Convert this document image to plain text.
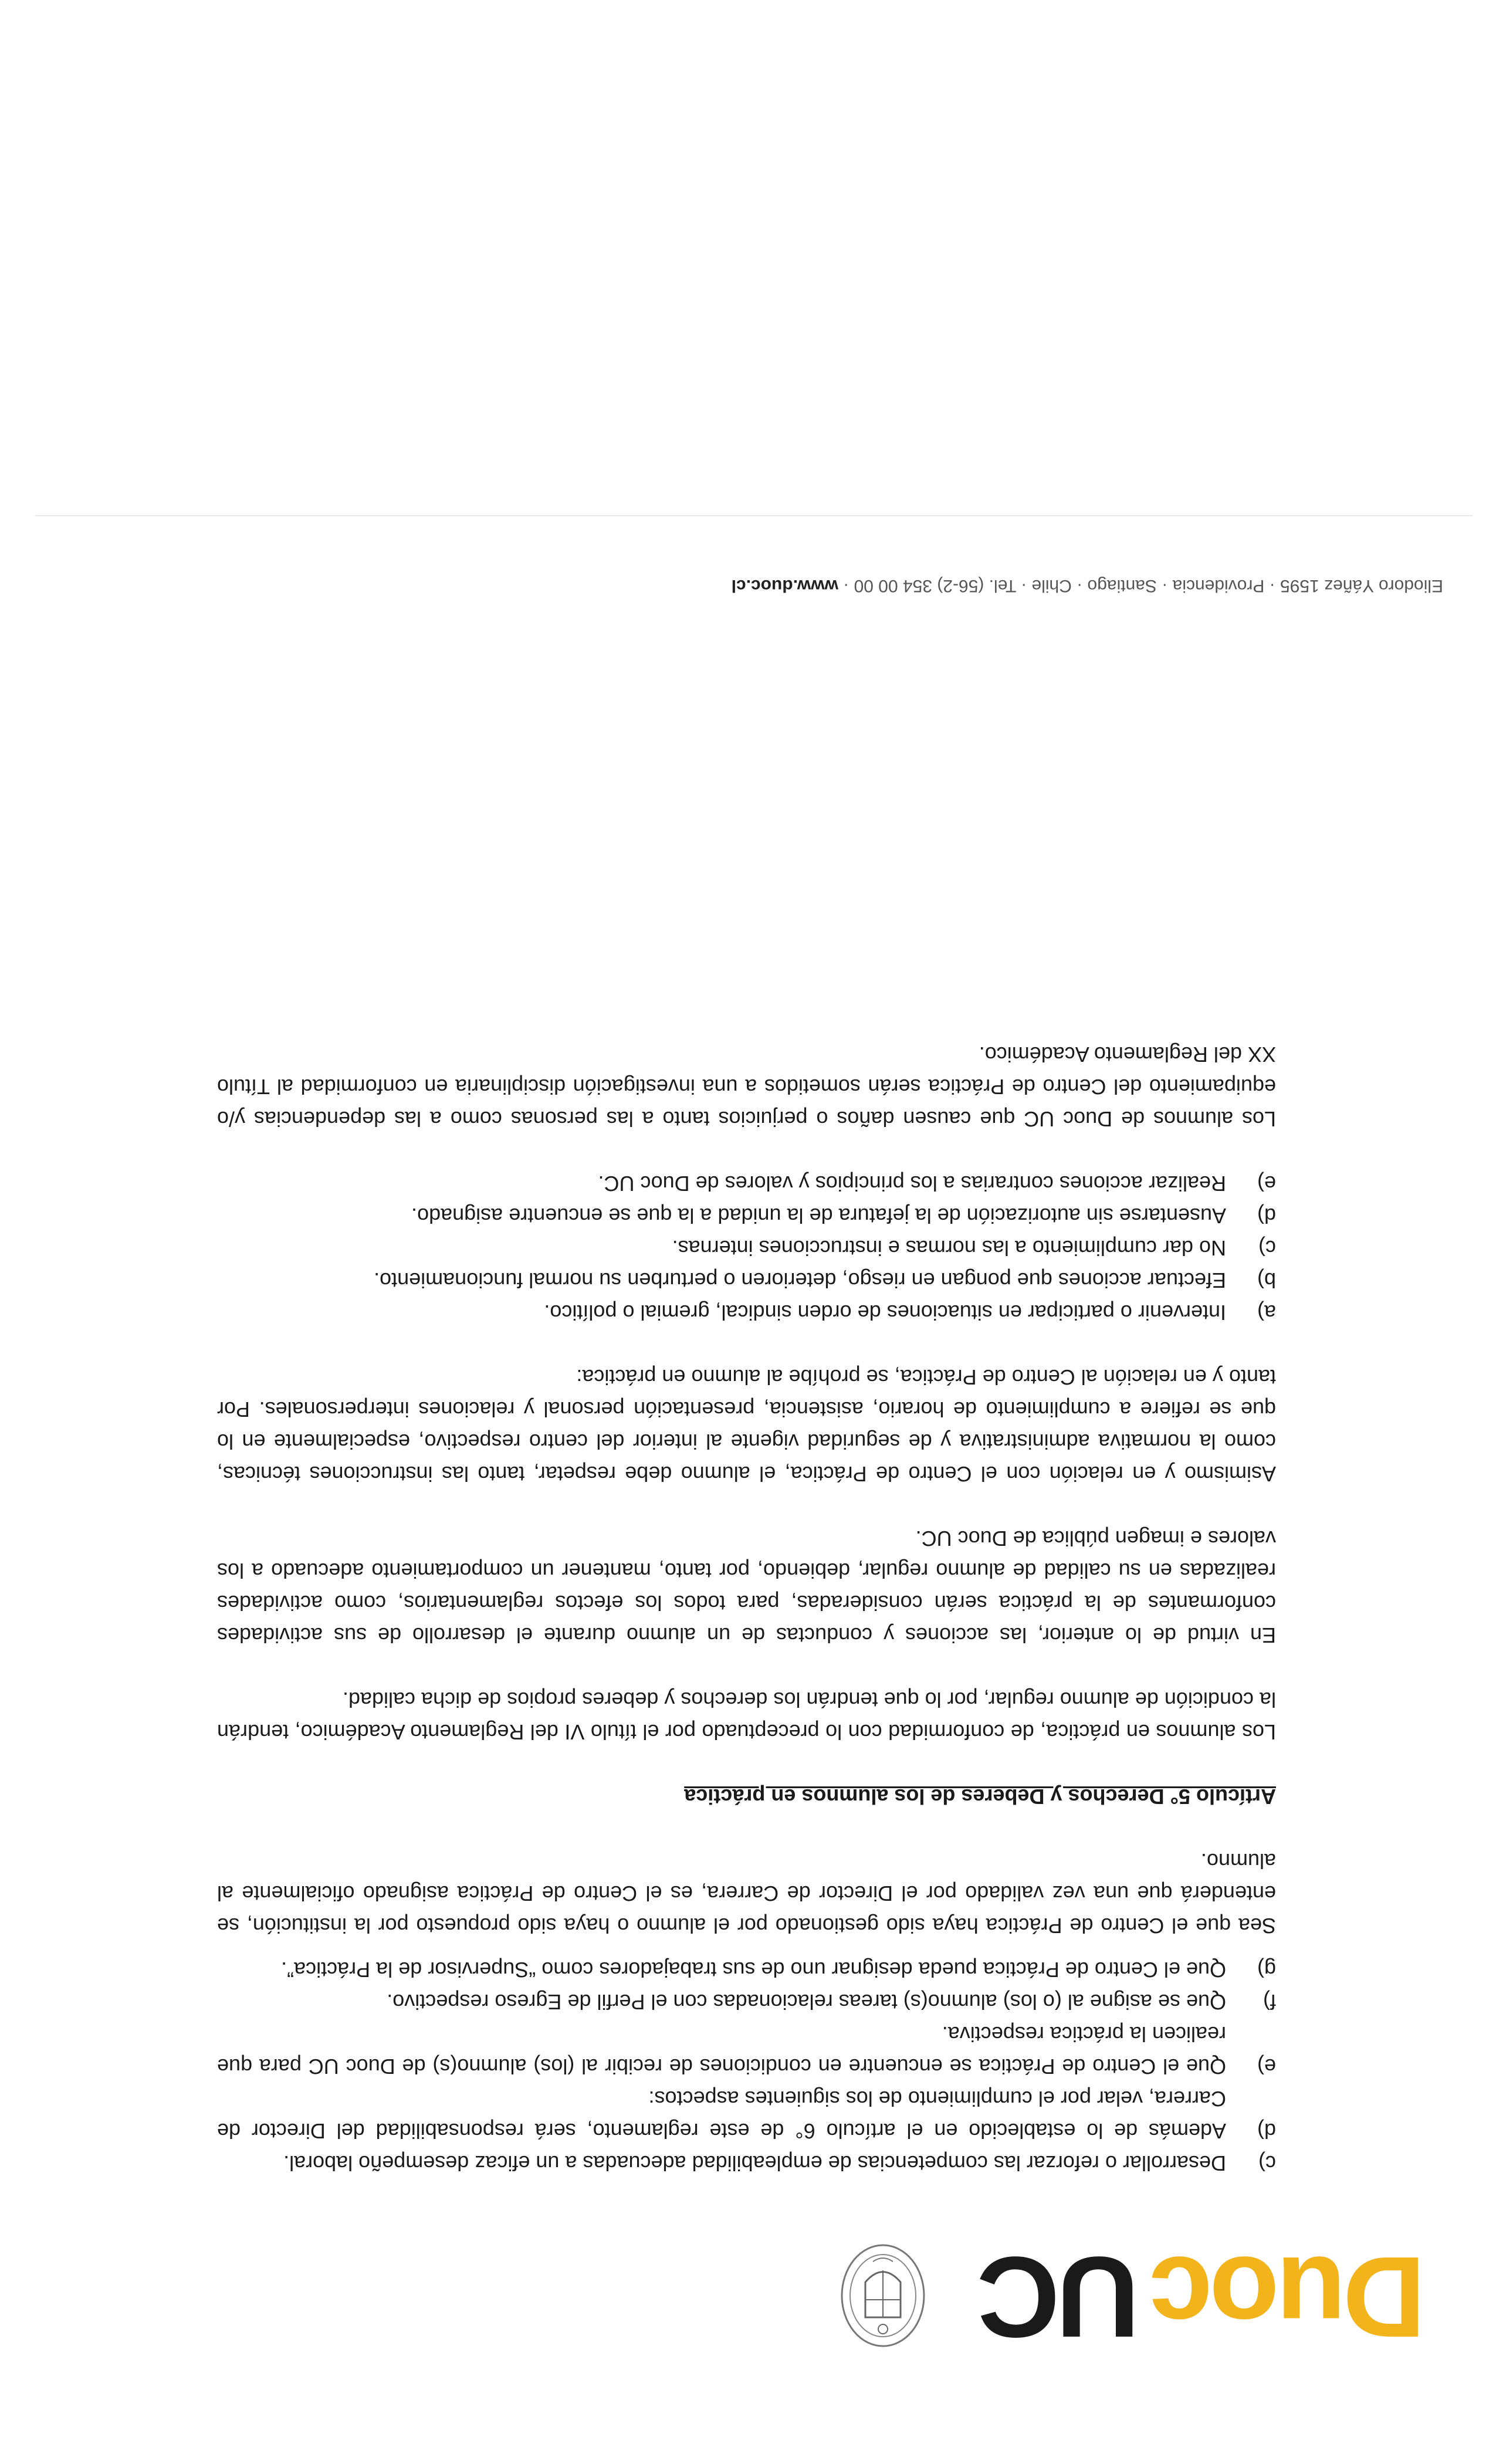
DuocUC
c)
Desarrollar o reforzar las competencias de empleabilidad adecuadas a un eficaz desempeño laboral.
d)
Además de lo establecido en el artículo 6° de este reglamento, será responsabilidad del Director de Carrera, velar por el cumplimiento de los siguientes aspectos:
e)
Que el Centro de Práctica se encuentre en condiciones de recibir al (los) alumno(s) de Duoc UC para que realicen la práctica respectiva.
f)
Que se asigne al (o los) alumno(s) tareas relacionadas con el Perfil de Egreso respectivo.
g)
Que el Centro de Práctica pueda designar uno de sus trabajadores como “Supervisor de la Práctica”.

Sea que el Centro de Práctica haya sido gestionado por el alumno o haya sido propuesto por la institución, se entenderá que una vez validado por el Director de Carrera, es el Centro de Práctica asignado oficialmente al alumno.

Artículo 5° Derechos y Deberes de los alumnos en práctica

Los alumnos en práctica, de conformidad con lo preceptuado por el título VI del Reglamento Académico, tendrán la condición de alumno regular, por lo que tendrán los derechos y deberes propios de dicha calidad.

En virtud de lo anterior, las acciones y conductas de un alumno durante el desarrollo de sus actividades conformantes de la práctica serán consideradas, para todos los efectos reglamentarios, como actividades realizadas en su calidad de alumno regular, debiendo, por tanto, mantener un comportamiento adecuado a los valores e imagen pública de Duoc UC.

Asimismo y en relación con el Centro de Práctica, el alumno debe respetar, tanto las instrucciones técnicas, como la normativa administrativa y de seguridad vigente al interior del centro respectivo, especialmente en lo que se refiere a cumplimiento de horario, asistencia, presentación personal y relaciones interpersonales. Por tanto y en relación al Centro de Práctica, se prohíbe al alumno en práctica:

a)
Intervenir o participar en situaciones de orden sindical, gremial o político.
b)
Efectuar acciones que pongan en riesgo, deterioren o perturben su normal funcionamiento.
c)
No dar cumplimiento a las normas e instrucciones internas.
d)
Ausentarse sin autorización de la jefatura de la unidad a la que se encuentre asignado.
e)
Realizar acciones contrarias a los principios y valores de Duoc UC.

Los alumnos de Duoc UC que causen daños o perjuicios tanto a las personas como a las dependencias y/o equipamiento del Centro de Práctica serán sometidos a una investigación disciplinaria en conformidad al Título XX del Reglamento Académico.

Eliodoro Yáñez 1595 · Providencia · Santiago · Chile · Tel. (56-2) 354 00 00 · www.duoc.cl
